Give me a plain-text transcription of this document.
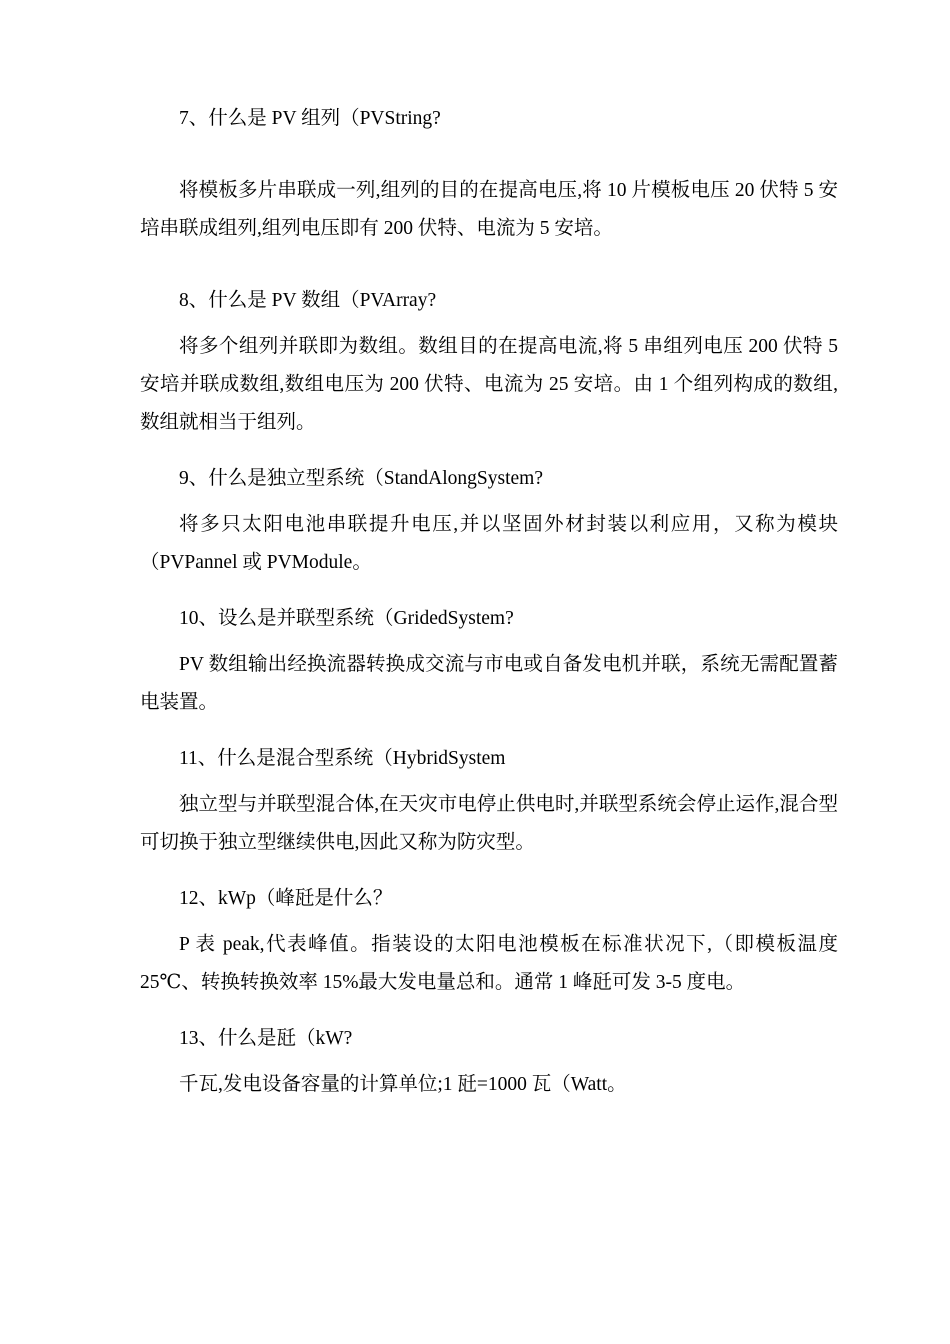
7、什么是 PV 组列（PVString?

将模板多片串联成一列,组列的目的在提高电压,将 10 片模板电压 20 伏特 5 安培串联成组列,组列电压即有 200 伏特、电流为 5 安培。

8、什么是 PV 数组（PVArray?

将多个组列并联即为数组。数组目的在提高电流,将 5 串组列电压 200 伏特 5 安培并联成数组,数组电压为 200 伏特、电流为 25 安培。由 1 个组列构成的数组,数组就相当于组列。

9、什么是独立型系统（StandAlongSystem?

将多只太阳电池串联提升电压,并以坚固外材封装以利应用，又称为模块（PVPannel 或 PVModule。

10、设么是并联型系统（GridedSystem?

PV 数组输出经换流器转换成交流与市电或自备发电机并联，系统无需配置蓄电装置。

11、什么是混合型系统（HybridSystem

独立型与并联型混合体,在天灾市电停止供电时,并联型系统会停止运作,混合型可切换于独立型继续供电,因此又称为防灾型。

12、kWp（峰瓩是什么？

P 表 peak,代表峰值。指装设的太阳电池模板在标准状况下,（即模板温度 25℃、转换转换效率 15%最大发电量总和。通常 1 峰瓩可发 3-5 度电。

13、什么是瓩（kW?

千瓦,发电设备容量的计算单位;1 瓩=1000 瓦（Watt。
